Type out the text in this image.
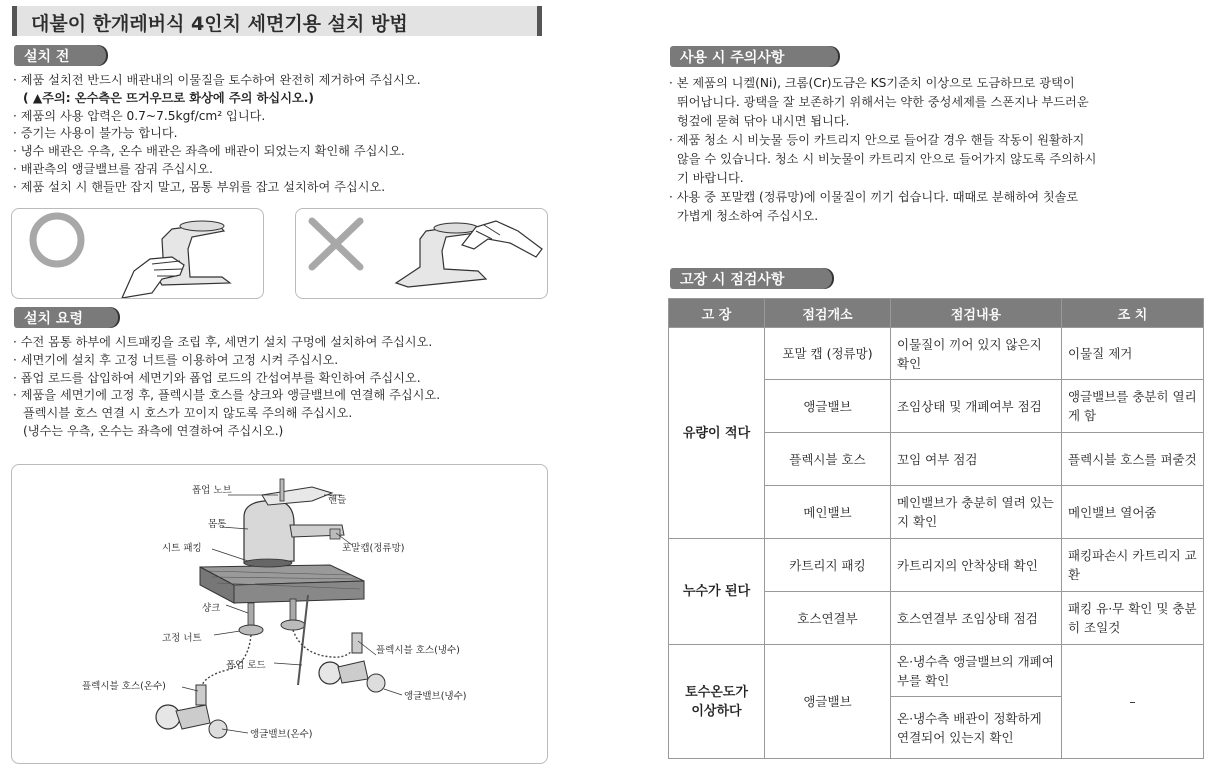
대붙이 한개레버식 4인치 세면기용 설치 방법
설치 전
· 제품 설치전 반드시 배관내의 이물질을 토수하여 완전히 제거하여 주십시오.
( ▲주의: 온수측은 뜨거우므로 화상에 주의 하십시오.)
· 제품의 사용 압력은 0.7~7.5kgf/cm² 입니다.
· 증기는 사용이 불가능 합니다.
· 냉수 배관은 우측, 온수 배관은 좌측에 배관이 되었는지 확인해 주십시오.
· 배관측의 앵글밸브를 잠궈 주십시오.
· 제품 설치 시 핸들만 잡지 말고, 몸통 부위를 잡고 설치하여 주십시오.
설치 요령
· 수전 몸통 하부에 시트패킹을 조립 후, 세면기 설치 구멍에 설치하여 주십시오.
· 세면기에 설치 후 고정 너트를 이용하여 고정 시켜 주십시오.
· 폽업 로드를 삽입하여 세면기와 폽업 로드의 간섭여부를 확인하여 주십시오.
· 제품을 세면기에 고정 후, 플렉시블 호스를 샹크와 앵글밸브에 연결해 주십시오.
플렉시블 호스 연결 시 호스가 꼬이지 않도록 주의해 주십시오.
(냉수는 우측, 온수는 좌측에 연결하여 주십시오.)
폽업 노브
핸들
몸통
시트 패킹	포말캡(정류망)
샹크
고정 너트
폽업 로드
플렉시블 호스(냉수)
플렉시블 호스(온수)
앵글밸브(냉수)
앵글밸브(온수)
사용 시 주의사항
· 본 제품의 니켈(Ni), 크롬(Cr)도금은 KS기준치 이상으로 도금하므로 광택이
뛰어납니다. 광택을 잘 보존하기 위해서는 약한 중성세제를 스폰지나 부드러운
헝겊에 묻혀 닦아 내시면 됩니다.
· 제품 청소 시 비눗물 등이 카트리지 안으로 들어갈 경우 핸들 작동이 원활하지
않을 수 있습니다. 청소 시 비눗물이 카트리지 안으로 들어가지 않도록 주의하시
기 바랍니다.
· 사용 중 포말캡 (정류망)에 이물질이 끼기 쉽습니다. 때때로 분해하여 칫솔로
가볍게 청소하여 주십시오.
고장 시 점검사항
고 장	점검개소	점검내용	조 치
유량이 적다	포말 캡 (정류망)	이물질이 끼어 있지 않은지 확인	이물질 제거
	앵글밸브	조임상태 및 개폐여부 점검	앵글밸브를 충분히 열리게 함
	플렉시블 호스	꼬임 여부 점검	플렉시블 호스를 펴줄것
	메인밸브	메인밸브가 충분히 열려 있는지 확인	메인밸브 열어줌
누수가 된다	카트리지 패킹	카트리지의 안착상태 확인	패킹파손시 카트리지 교환
	호스연결부	호스연결부 조임상태 점검	패킹 유·무 확인 및 충분히 조일것
토수온도가 이상하다	앵글밸브	온·냉수측 앵글밸브의 개폐여부를 확인	–
		온·냉수측 배관이 정확하게 연결되어 있는지 확인	
